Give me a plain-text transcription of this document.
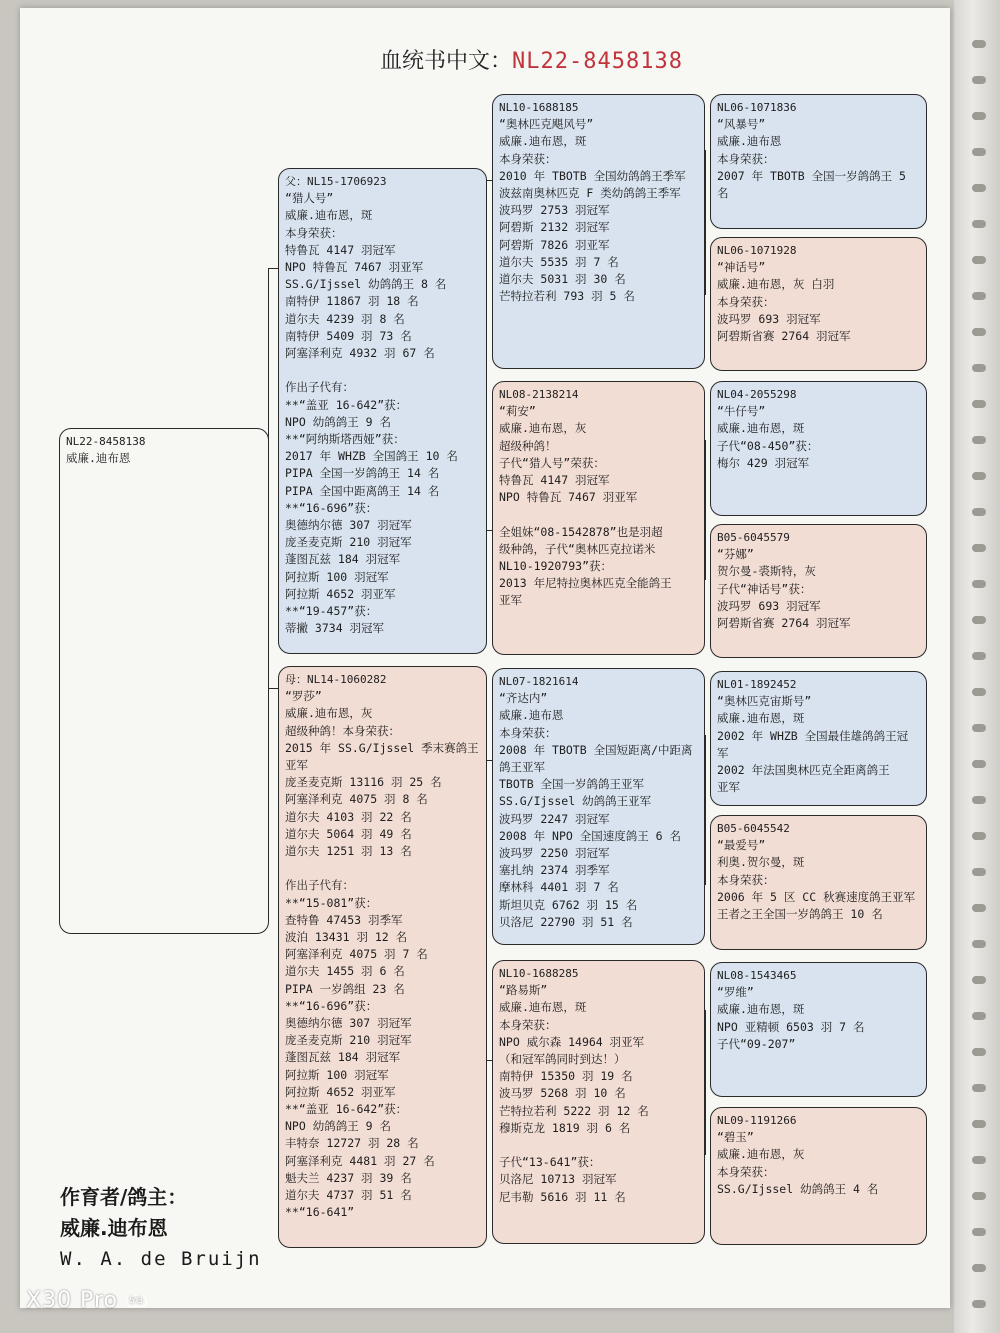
血统书中文：NL22-8458138
NL22-8458138
威廉.迪布恩
父：NL15-1706923
“猎人号”
威廉.迪布恩，斑
本身荣获：
特鲁瓦 4147 羽冠军
NPO 特鲁瓦 7467 羽亚军
SS.G/Ijssel 幼鸽鸽王 8 名
南特伊 11867 羽 18 名
道尔夫 4239 羽 8 名
南特伊 5409 羽 73 名
阿塞泽利克 4932 羽 67 名

作出子代有：
**“盖亚 16-642”获：
NPO 幼鸽鸽王 9 名
**“阿纳斯塔西娅”获：
2017 年 WHZB 全国鸽王 10 名
PIPA 全国一岁鸽鸽王 14 名
PIPA 全国中距离鸽王 14 名
**“16-696”获：
奥德纳尔德 307 羽冠军
庞圣麦克斯 210 羽冠军
蓬图瓦兹 184 羽冠军
阿拉斯 100 羽冠军
阿拉斯 4652 羽亚军
**“19-457”获：
蒂撇 3734 羽冠军
母：NL14-1060282
“罗莎”
威廉.迪布恩，灰
超级种鸽！本身荣获：
2015 年 SS.G/Ijssel 季末赛鸽王
亚军
庞圣麦克斯 13116 羽 25 名
阿塞泽利克 4075 羽 8 名
道尔夫 4103 羽 22 名
道尔夫 5064 羽 49 名
道尔夫 1251 羽 13 名

作出子代有：
**“15-081”获：
查特鲁 47453 羽季军
波泊 13431 羽 12 名
阿塞泽利克 4075 羽 7 名
道尔夫 1455 羽 6 名
PIPA 一岁鸽组 23 名
**“16-696”获：
奥德纳尔德 307 羽冠军
庞圣麦克斯 210 羽冠军
蓬图瓦兹 184 羽冠军
阿拉斯 100 羽冠军
阿拉斯 4652 羽亚军
**“盖亚 16-642”获：
NPO 幼鸽鸽王 9 名
丰特奈 12727 羽 28 名
阿塞泽利克 4481 羽 27 名
魁夫兰 4237 羽 39 名
道尔夫 4737 羽 51 名
**“16-641”
NL10-1688185
“奥林匹克飓风号”
威廉.迪布恩，斑
本身荣获：
2010 年 TBOTB 全国幼鸽鸽王季军
波兹南奥林匹克 F 类幼鸽鸽王季军
波玛罗 2753 羽冠军
阿碧斯 2132 羽冠军
阿碧斯 7826 羽亚军
道尔夫 5535 羽 7 名
道尔夫 5031 羽 30 名
芒特拉若利 793 羽 5 名
NL08-2138214
“莉安”
威廉.迪布恩，灰
超级种鸽！
子代“猎人号”荣获：
特鲁瓦 4147 羽冠军
NPO 特鲁瓦 7467 羽亚军

全姐妹“08-1542878”也是羽超
级种鸽，子代“奥林匹克拉诺米
NL10-1920793”获：
2013 年尼特拉奥林匹克全能鸽王
亚军
NL07-1821614
“齐达内”
威廉.迪布恩
本身荣获：
2008 年 TBOTB 全国短距离/中距离
鸽王亚军
TBOTB 全国一岁鸽鸽王亚军
SS.G/Ijssel 幼鸽鸽王亚军
波玛罗 2247 羽冠军
2008 年 NPO 全国速度鸽王 6 名
波玛罗 2250 羽冠军
塞扎纳 2374 羽季军
摩林科 4401 羽 7 名
斯坦贝克 6762 羽 15 名
贝洛尼 22790 羽 51 名
NL10-1688285
“路易斯”
威廉.迪布恩，斑
本身荣获：
NPO 威尔森 14964 羽亚军
（和冠军鸽同时到达！）
南特伊 15350 羽 19 名
波马罗 5268 羽 10 名
芒特拉若利 5222 羽 12 名
穆斯克龙 1819 羽 6 名

子代“13-641”获：
贝洛尼 10713 羽冠军
尼韦勒 5616 羽 11 名
NL06-1071836
“风暴号”
威廉.迪布恩
本身荣获：
2007 年 TBOTB 全国一岁鸽鸽王 5
名
NL06-1071928
“神话号”
威廉.迪布恩，灰 白羽
本身荣获：
波玛罗 693 羽冠军
阿碧斯省赛 2764 羽冠军
NL04-2055298
“牛仔号”
威廉.迪布恩，斑
子代“08-450”获：
梅尔 429 羽冠军
B05-6045579
“芬娜”
贺尔曼-裘斯特，灰
子代“神话号”获：
波玛罗 693 羽冠军
阿碧斯省赛 2764 羽冠军
NL01-1892452
“奥林匹克宙斯号”
威廉.迪布恩，斑
2002 年 WHZB 全国最佳雄鸽鸽王冠
军
2002 年法国奥林匹克全距离鸽王
亚军
B05-6045542
“最爱号”
利奥.贺尔曼，斑
本身荣获：
2006 年 5 区 CC 秋赛速度鸽王亚军
王者之王全国一岁鸽鸽王 10 名
NL08-1543465
“罗维”
威廉.迪布恩，斑
NPO 亚精顿 6503 羽 7 名
子代“09-207”
NL09-1191266
“碧玉”
威廉.迪布恩，灰
本身荣获：
SS.G/Ijssel 幼鸽鸽王 4 名
作育者/鸽主：
威廉.迪布恩
W. A. de Bruijn
X30 Pro 5G
